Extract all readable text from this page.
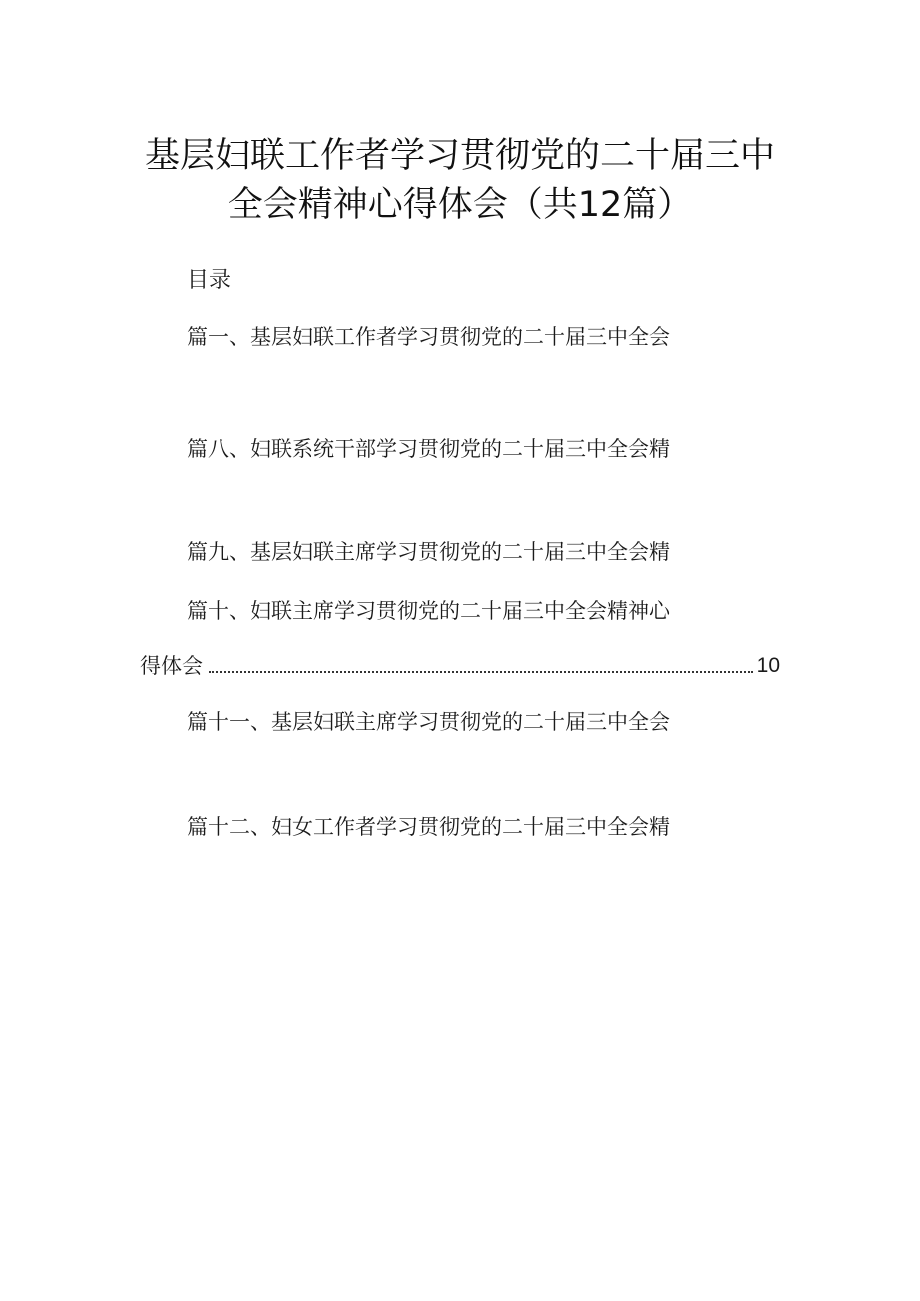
基层妇联工作者学习贯彻党的二十届三中
全会精神心得体会（共12篇）
目录
篇一、基层妇联工作者学习贯彻党的二十届三中全会
篇八、妇联系统干部学习贯彻党的二十届三中全会精
篇九、基层妇联主席学习贯彻党的二十届三中全会精
篇十、妇联主席学习贯彻党的二十届三中全会精神心
得体会	10
篇十一、基层妇联主席学习贯彻党的二十届三中全会
篇十二、妇女工作者学习贯彻党的二十届三中全会精
